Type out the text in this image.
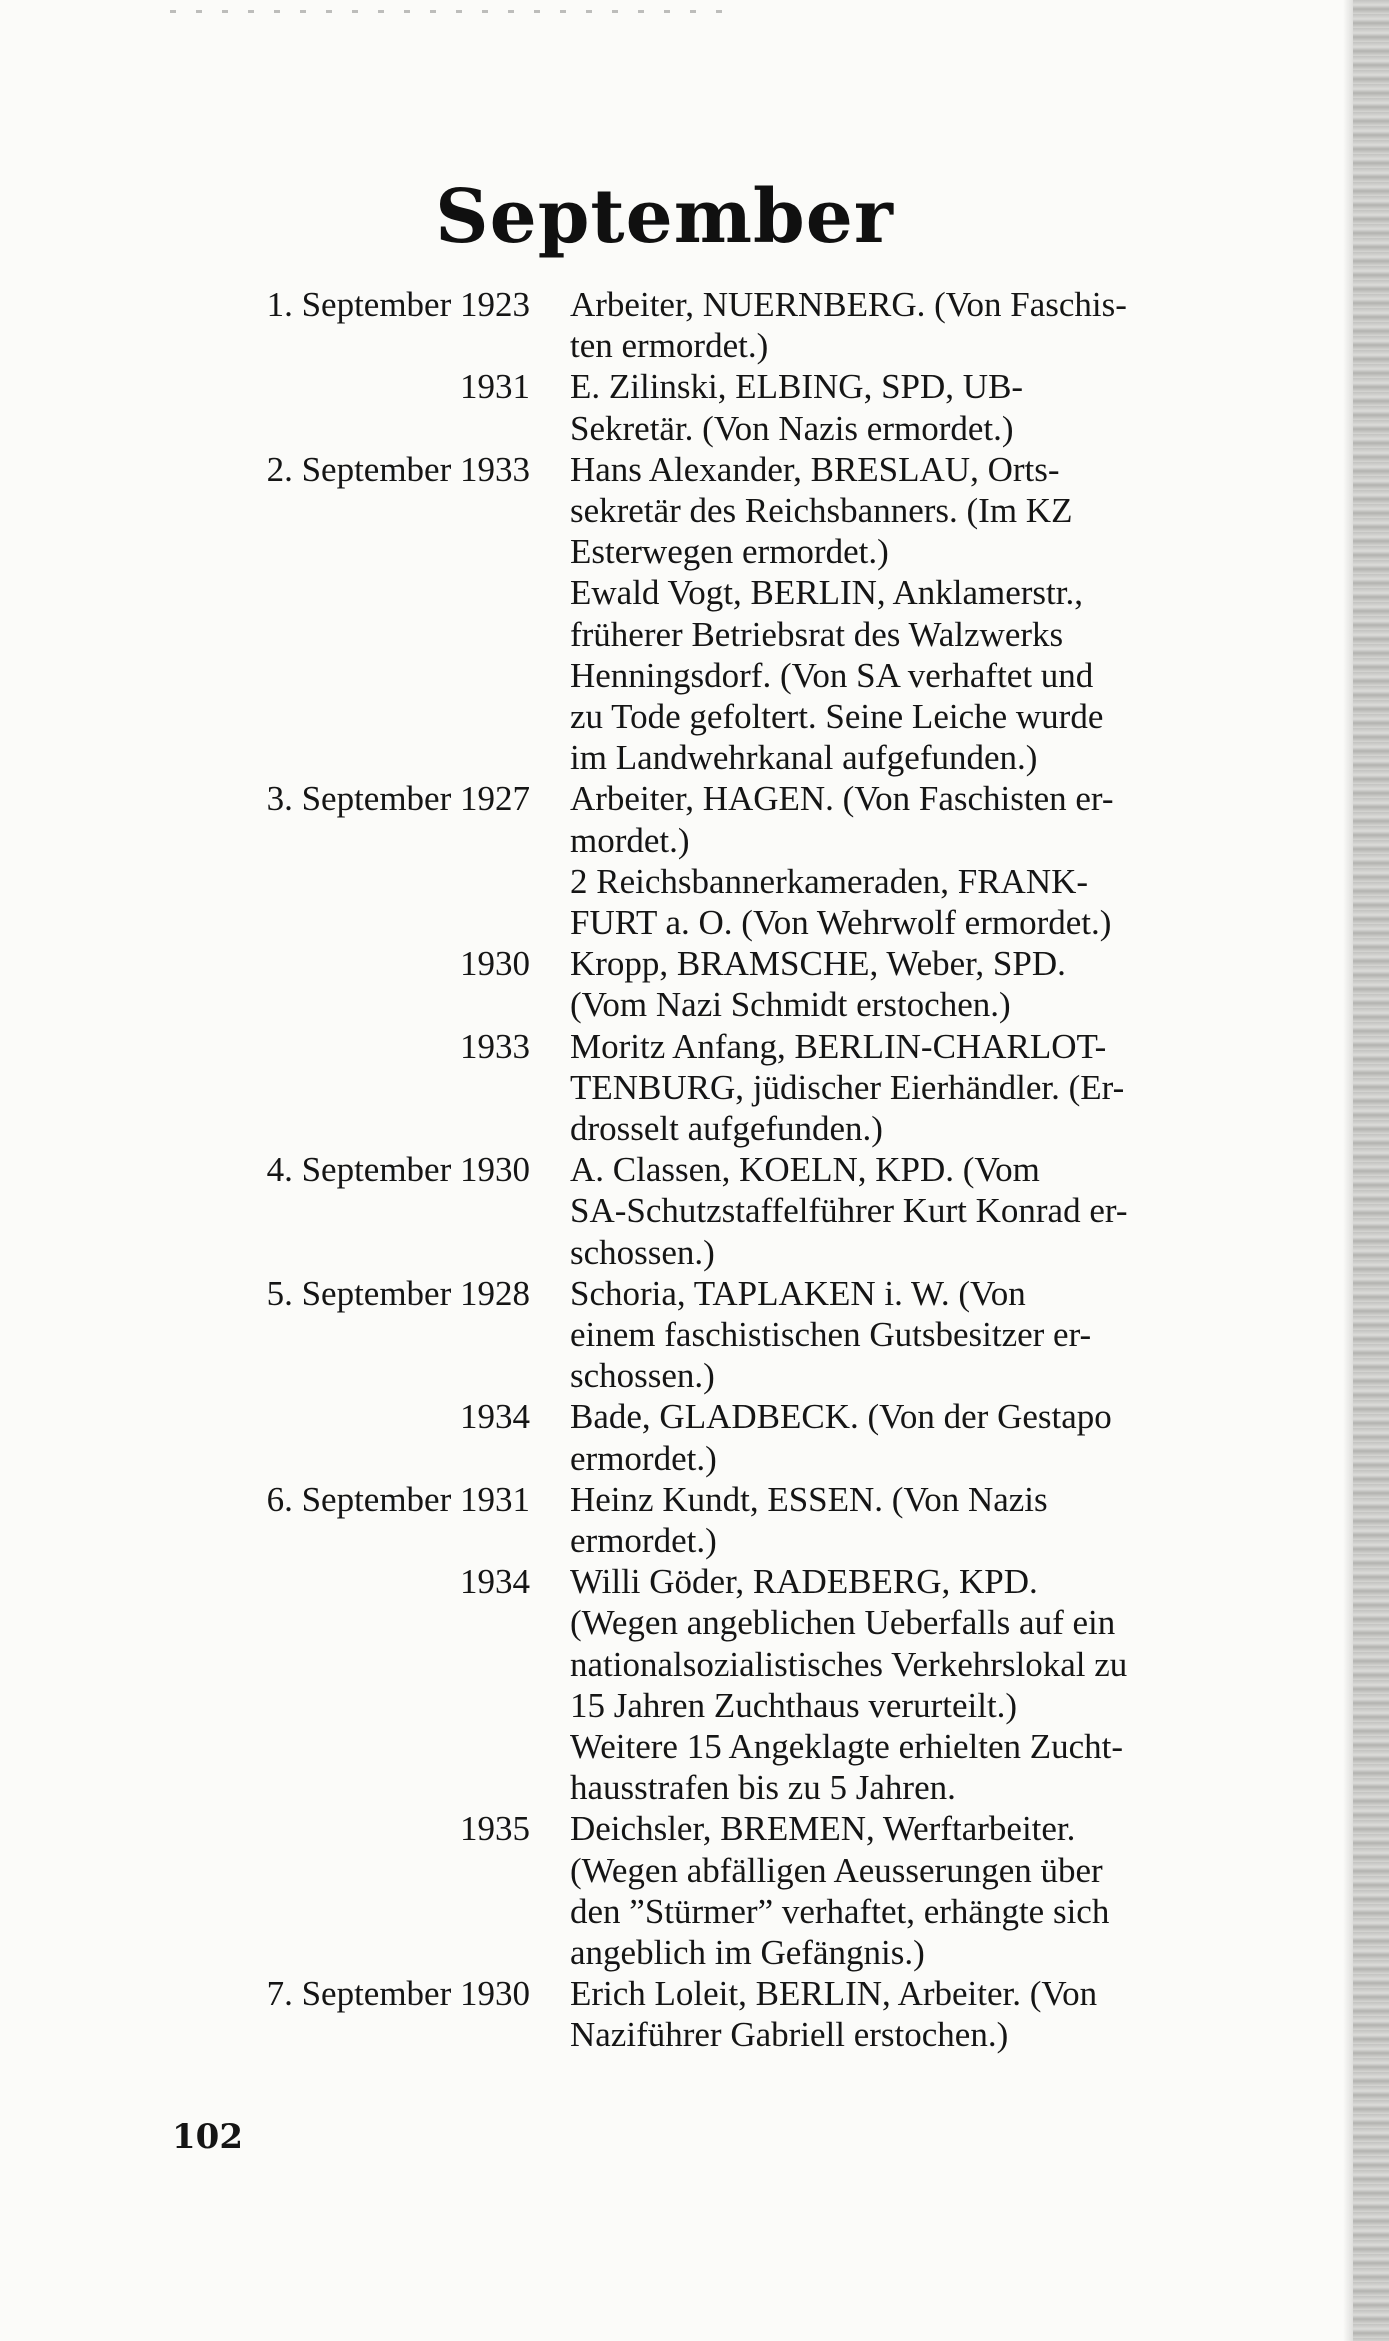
September
1. September 1923 Arbeiter, NUERNBERG. (Von Faschis-
ten ermordet.)
1931 E. Zilinski, ELBING, SPD, UB-
Sekretär. (Von Nazis ermordet.)
2. September 1933 Hans Alexander, BRESLAU, Orts-
sekretär des Reichsbanners. (Im KZ
Esterwegen ermordet.)
Ewald Vogt, BERLIN, Anklamerstr.,
früherer Betriebsrat des Walzwerks
Henningsdorf. (Von SA verhaftet und
zu Tode gefoltert. Seine Leiche wurde
im Landwehrkanal aufgefunden.)
3. September 1927 Arbeiter, HAGEN. (Von Faschisten er-
mordet.)
2 Reichsbannerkameraden, FRANK-
FURT a. O. (Von Wehrwolf ermordet.)
1930 Kropp, BRAMSCHE, Weber, SPD.
(Vom Nazi Schmidt erstochen.)
1933 Moritz Anfang, BERLIN-CHARLOT-
TENBURG, jüdischer Eierhändler. (Er-
drosselt aufgefunden.)
4. September 1930 A. Classen, KOELN, KPD. (Vom
SA-Schutzstaffelführer Kurt Konrad er-
schossen.)
5. September 1928 Schoria, TAPLAKEN i. W. (Von
einem faschistischen Gutsbesitzer er-
schossen.)
1934 Bade, GLADBECK. (Von der Gestapo
ermordet.)
6. September 1931 Heinz Kundt, ESSEN. (Von Nazis
ermordet.)
1934 Willi Göder, RADEBERG, KPD.
(Wegen angeblichen Ueberfalls auf ein
nationalsozialistisches Verkehrslokal zu
15 Jahren Zuchthaus verurteilt.)
Weitere 15 Angeklagte erhielten Zucht-
hausstrafen bis zu 5 Jahren.
1935 Deichsler, BREMEN, Werftarbeiter.
(Wegen abfälligen Aeusserungen über
den ”Stürmer” verhaftet, erhängte sich
angeblich im Gefängnis.)
7. September 1930 Erich Loleit, BERLIN, Arbeiter. (Von
Naziführer Gabriell erstochen.)
102
